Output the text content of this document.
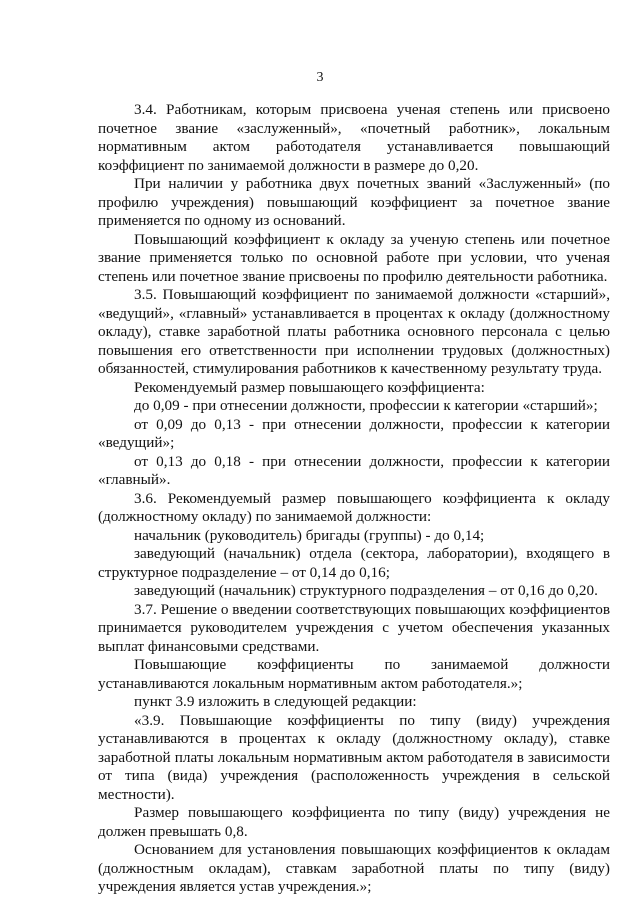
3

3.4. Работникам, которым присвоена ученая степень или присвоено почетное звание «заслуженный», «почетный работник», локальным нормативным актом работодателя устанавливается повышающий коэффициент по занимаемой должности в размере до 0,20.

При наличии у работника двух почетных званий «Заслуженный» (по профилю учреждения) повышающий коэффициент за почетное звание применяется по одному из оснований.

Повышающий коэффициент к окладу за ученую степень или почетное звание применяется только по основной работе при условии, что ученая степень или почетное звание присвоены по профилю деятельности работника.

3.5. Повышающий коэффициент по занимаемой должности «старший», «ведущий», «главный» устанавливается в процентах к окладу (должностному окладу), ставке заработной платы работника основного персонала с целью повышения его ответственности при исполнении трудовых (должностных) обязанностей, стимулирования работников к качественному результату труда.

Рекомендуемый размер повышающего коэффициента:

до 0,09 - при отнесении должности, профессии к категории «старший»;

от 0,09 до 0,13 - при отнесении должности, профессии к категории «ведущий»;

от 0,13 до 0,18 - при отнесении должности, профессии к категории «главный».

3.6. Рекомендуемый размер повышающего коэффициента к окладу (должностному окладу) по занимаемой должности:

начальник (руководитель) бригады (группы) - до 0,14;

заведующий (начальник) отдела (сектора, лаборатории), входящего в структурное подразделение – от 0,14 до 0,16;

заведующий (начальник) структурного подразделения – от 0,16 до 0,20.

3.7. Решение о введении соответствующих повышающих коэффициентов принимается руководителем учреждения с учетом обеспечения указанных выплат финансовыми средствами.

Повышающие коэффициенты по занимаемой должности устанавливаются локальным нормативным актом работодателя.»;

пункт 3.9 изложить в следующей редакции:

«3.9. Повышающие коэффициенты по типу (виду) учреждения устанавливаются в процентах к окладу (должностному окладу), ставке заработной платы локальным нормативным актом работодателя в зависимости от типа (вида) учреждения (расположенность учреждения в сельской местности).

Размер повышающего коэффициента по типу (виду) учреждения не должен превышать 0,8.

Основанием для установления повышающих коэффициентов к окладам (должностным окладам), ставкам заработной платы по типу (виду) учреждения является устав учреждения.»;
